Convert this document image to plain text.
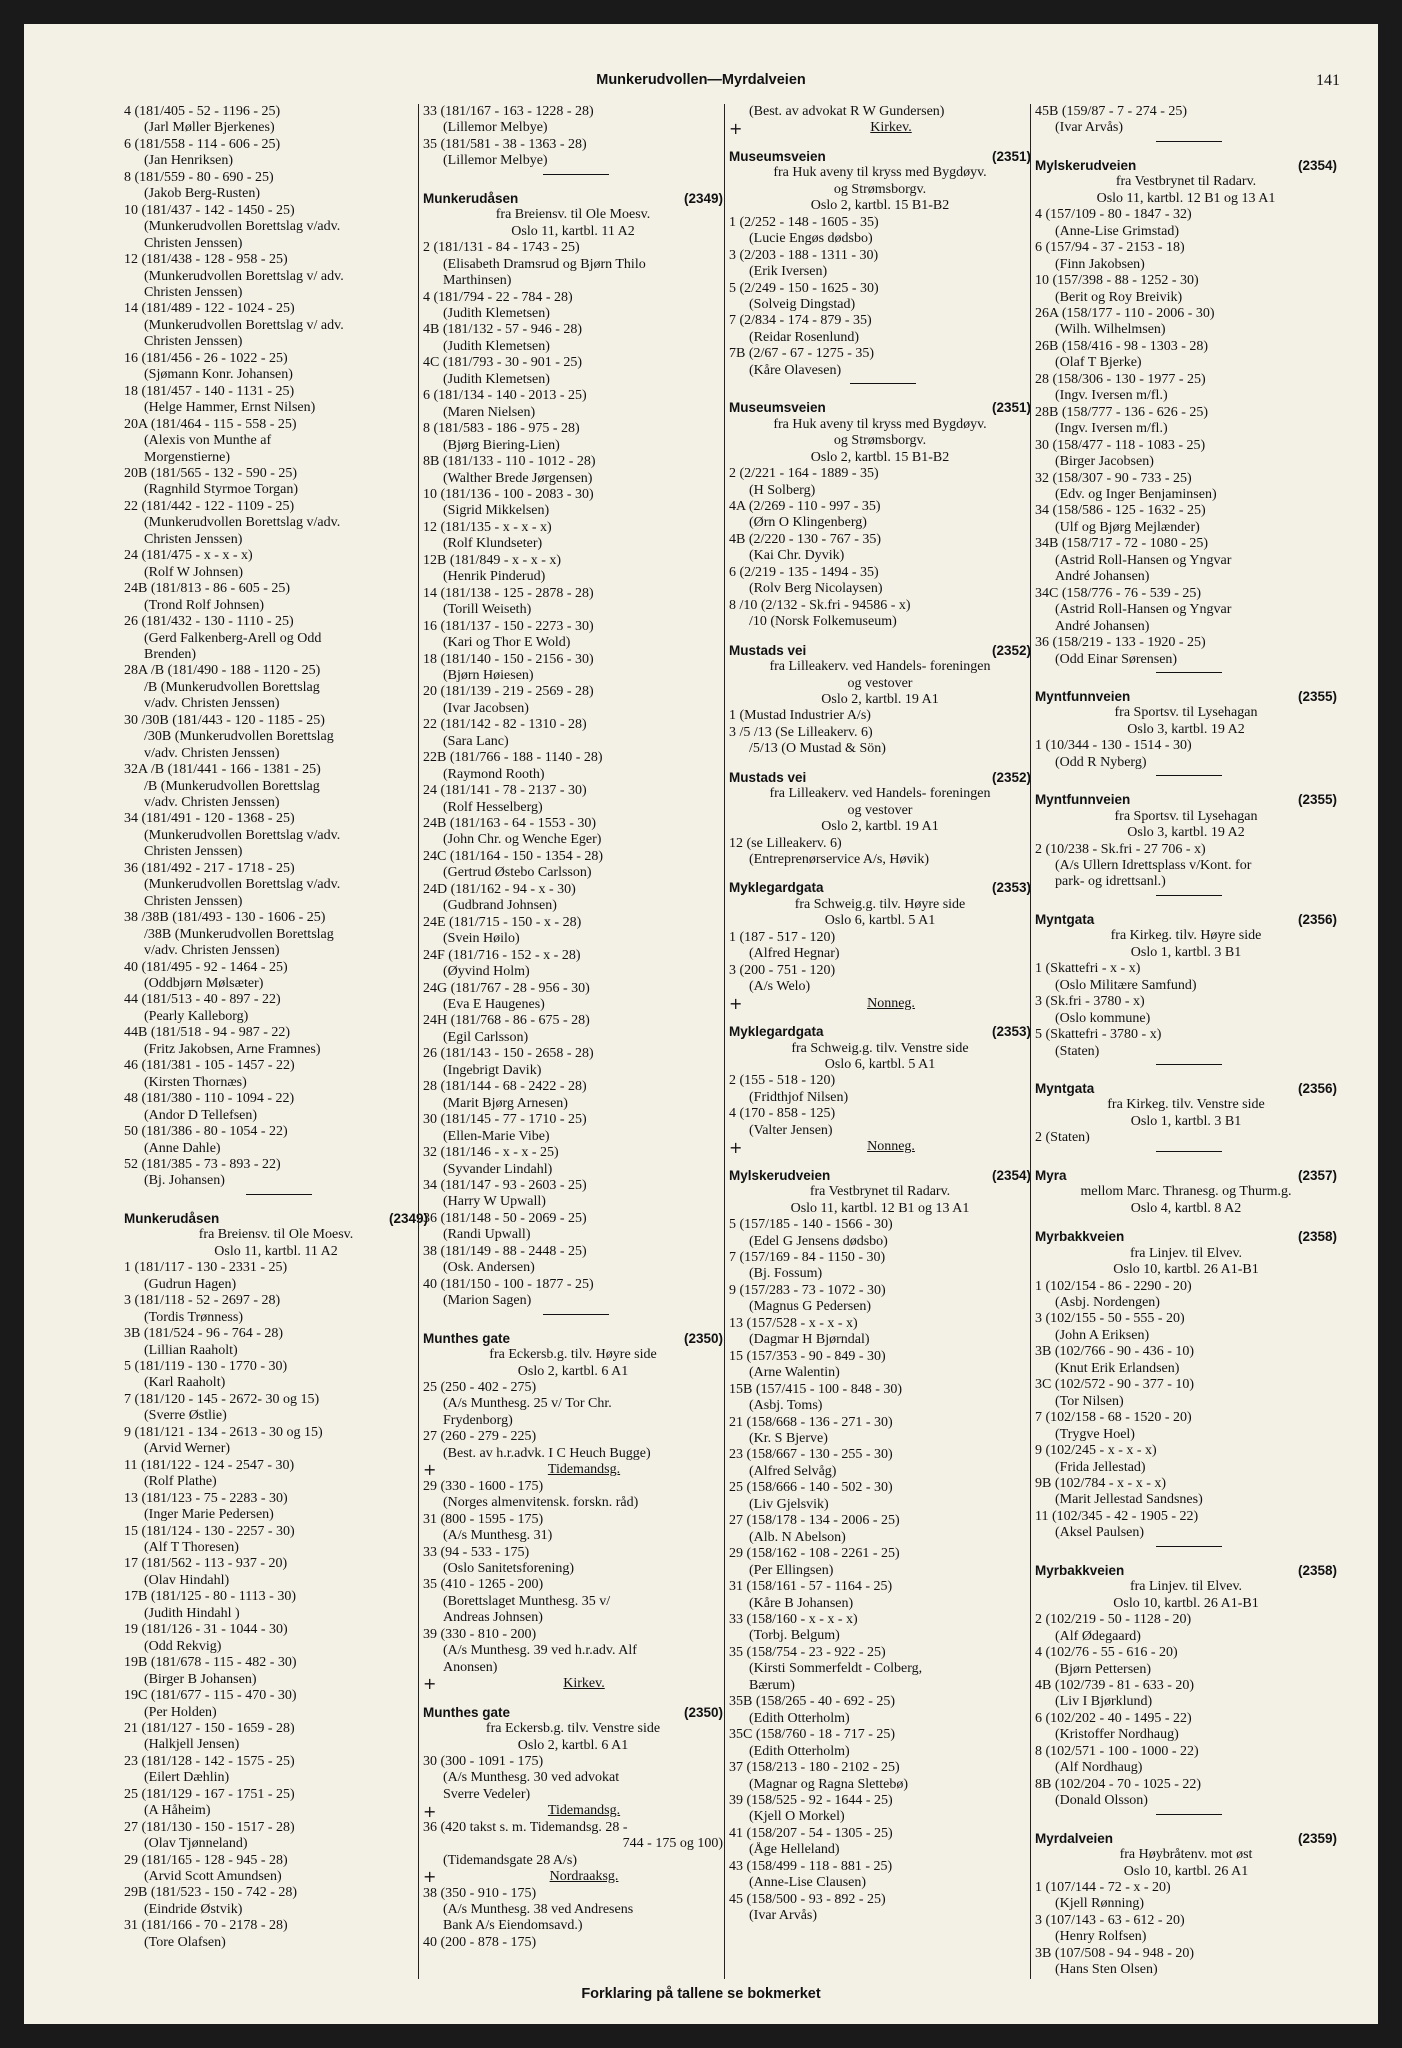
Munkerudvollen—Myrdalveien	141
4 (181/405 - 52 - 1196 - 25)
(Jarl Møller Bjerkenes)
6 (181/558 - 114 - 606 - 25)
(Jan Henriksen)
8 (181/559 - 80 - 690 - 25)
(Jakob Berg-Rusten)
10 (181/437 - 142 - 1450 - 25)
(Munkerudvollen Borettslag v/adv.
Christen Jenssen)
12 (181/438 - 128 - 958 - 25)
(Munkerudvollen Borettslag v/ adv.
Christen Jenssen)
14 (181/489 - 122 - 1024 - 25)
(Munkerudvollen Borettslag v/ adv.
Christen Jenssen)
16 (181/456 - 26 - 1022 - 25)
(Sjømann Konr. Johansen)
18 (181/457 - 140 - 1131 - 25)
(Helge Hammer, Ernst Nilsen)
20A (181/464 - 115 - 558 - 25)
(Alexis von Munthe af
Morgenstierne)
20B (181/565 - 132 - 590 - 25)
(Ragnhild Styrmoe Torgan)
22 (181/442 - 122 - 1109 - 25)
(Munkerudvollen Borettslag v/adv.
Christen Jenssen)
24 (181/475 - x - x - x)
(Rolf W Johnsen)
24B (181/813 - 86 - 605 - 25)
(Trond Rolf Johnsen)
26 (181/432 - 130 - 1110 - 25)
(Gerd Falkenberg-Arell og Odd
Brenden)
28A /B (181/490 - 188 - 1120 - 25)
/B (Munkerudvollen Borettslag
v/adv. Christen Jenssen)
30 /30B (181/443 - 120 - 1185 - 25)
/30B (Munkerudvollen Borettslag
v/adv. Christen Jenssen)
32A /B (181/441 - 166 - 1381 - 25)
/B (Munkerudvollen Borettslag
v/adv. Christen Jenssen)
34 (181/491 - 120 - 1368 - 25)
(Munkerudvollen Borettslag v/adv.
Christen Jenssen)
36 (181/492 - 217 - 1718 - 25)
(Munkerudvollen Borettslag v/adv.
Christen Jenssen)
38 /38B (181/493 - 130 - 1606 - 25)
/38B (Munkerudvollen Borettslag
v/adv. Christen Jenssen)
40 (181/495 - 92 - 1464 - 25)
(Oddbjørn Mølsæter)
44 (181/513 - 40 - 897 - 22)
(Pearly Kalleborg)
44B (181/518 - 94 - 987 - 22)
(Fritz Jakobsen, Arne Framnes)
46 (181/381 - 105 - 1457 - 22)
(Kirsten Thornæs)
48 (181/380 - 110 - 1094 - 22)
(Andor D Tellefsen)
50 (181/386 - 80 - 1054 - 22)
(Anne Dahle)
52 (181/385 - 73 - 893 - 22)
(Bj. Johansen)
Munkerudåsen	(2349)
fra Breiensv. til Ole Moesv.
Oslo 11, kartbl. 11 A2
1 (181/117 - 130 - 2331 - 25)
(Gudrun Hagen)
3 (181/118 - 52 - 2697 - 28)
(Tordis Trønness)
3B (181/524 - 96 - 764 - 28)
(Lillian Raaholt)
5 (181/119 - 130 - 1770 - 30)
(Karl Raaholt)
7 (181/120 - 145 - 2672- 30 og 15)
(Sverre Østlie)
9 (181/121 - 134 - 2613 - 30 og 15)
(Arvid Werner)
11 (181/122 - 124 - 2547 - 30)
(Rolf Plathe)
13 (181/123 - 75 - 2283 - 30)
(Inger Marie Pedersen)
15 (181/124 - 130 - 2257 - 30)
(Alf T Thoresen)
17 (181/562 - 113 - 937 - 20)
(Olav Hindahl)
17B (181/125 - 80 - 1113 - 30)
(Judith Hindahl )
19 (181/126 - 31 - 1044 - 30)
(Odd Rekvig)
19B (181/678 - 115 - 482 - 30)
(Birger B Johansen)
19C (181/677 - 115 - 470 - 30)
(Per Holden)
21 (181/127 - 150 - 1659 - 28)
(Halkjell Jensen)
23 (181/128 - 142 - 1575 - 25)
(Eilert Dæhlin)
25 (181/129 - 167 - 1751 - 25)
(A Håheim)
27 (181/130 - 150 - 1517 - 28)
(Olav Tjønneland)
29 (181/165 - 128 - 945 - 28)
(Arvid Scott Amundsen)
29B (181/523 - 150 - 742 - 28)
(Eindride Østvik)
31 (181/166 - 70 - 2178 - 28)
(Tore Olafsen)
33 (181/167 - 163 - 1228 - 28)
(Lillemor Melbye)
35 (181/581 - 38 - 1363 - 28)
(Lillemor Melbye)
Munkerudåsen	(2349)
fra Breiensv. til Ole Moesv.
Oslo 11, kartbl. 11 A2
2 (181/131 - 84 - 1743 - 25)
(Elisabeth Dramsrud og Bjørn Thilo
Marthinsen)
4 (181/794 - 22 - 784 - 28)
(Judith Klemetsen)
4B (181/132 - 57 - 946 - 28)
(Judith Klemetsen)
4C (181/793 - 30 - 901 - 25)
(Judith Klemetsen)
6 (181/134 - 140 - 2013 - 25)
(Maren Nielsen)
8 (181/583 - 186 - 975 - 28)
(Bjørg Biering-Lien)
8B (181/133 - 110 - 1012 - 28)
(Walther Brede Jørgensen)
10 (181/136 - 100 - 2083 - 30)
(Sigrid Mikkelsen)
12 (181/135 - x - x - x)
(Rolf Klundseter)
12B (181/849 - x - x - x)
(Henrik Pinderud)
14 (181/138 - 125 - 2878 - 28)
(Torill Weiseth)
16 (181/137 - 150 - 2273 - 30)
(Kari og Thor E Wold)
18 (181/140 - 150 - 2156 - 30)
(Bjørn Høiesen)
20 (181/139 - 219 - 2569 - 28)
(Ivar Jacobsen)
22 (181/142 - 82 - 1310 - 28)
(Sara Lanc)
22B (181/766 - 188 - 1140 - 28)
(Raymond Rooth)
24 (181/141 - 78 - 2137 - 30)
(Rolf Hesselberg)
24B (181/163 - 64 - 1553 - 30)
(John Chr. og Wenche Eger)
24C (181/164 - 150 - 1354 - 28)
(Gertrud Østebo Carlsson)
24D (181/162 - 94 - x - 30)
(Gudbrand Johnsen)
24E (181/715 - 150 - x - 28)
(Svein Høilo)
24F (181/716 - 152 - x - 28)
(Øyvind Holm)
24G (181/767 - 28 - 956 - 30)
(Eva E Haugenes)
24H (181/768 - 86 - 675 - 28)
(Egil Carlsson)
26 (181/143 - 150 - 2658 - 28)
(Ingebrigt Davik)
28 (181/144 - 68 - 2422 - 28)
(Marit Bjørg Arnesen)
30 (181/145 - 77 - 1710 - 25)
(Ellen-Marie Vibe)
32 (181/146 - x - x - 25)
(Syvander Lindahl)
34 (181/147 - 93 - 2603 - 25)
(Harry W Upwall)
36 (181/148 - 50 - 2069 - 25)
(Randi Upwall)
38 (181/149 - 88 - 2448 - 25)
(Osk. Andersen)
40 (181/150 - 100 - 1877 - 25)
(Marion Sagen)
Munthes gate	(2350)
fra Eckersb.g. tilv. Høyre side
Oslo 2, kartbl. 6 A1
25 (250 - 402 - 275)
(A/s Munthesg. 25 v/ Tor Chr.
Frydenborg)
27 (260 - 279 - 225)
(Best. av h.r.advk. I C Heuch Bugge)
+	Tidemandsg.
29 (330 - 1600 - 175)
(Norges almenvitensk. forskn. råd)
31 (800 - 1595 - 175)
(A/s Munthesg. 31)
33 (94 - 533 - 175)
(Oslo Sanitetsforening)
35 (410 - 1265 - 200)
(Borettslaget Munthesg. 35 v/
Andreas Johnsen)
39 (330 - 810 - 200)
(A/s Munthesg. 39 ved h.r.adv. Alf
Anonsen)
+	Kirkev.
Munthes gate	(2350)
fra Eckersb.g. tilv. Venstre side
Oslo 2, kartbl. 6 A1
30 (300 - 1091 - 175)
(A/s Munthesg. 30 ved advokat
Sverre Vedeler)
+	Tidemandsg.
36 (420 takst s. m. Tidemandsg. 28 -
744 - 175 og 100)
(Tidemandsgate 28 A/s)
+	Nordraaksg.
38 (350 - 910 - 175)
(A/s Munthesg. 38 ved Andresens
Bank A/s Eiendomsavd.)
40 (200 - 878 - 175)
(Best. av advokat R W Gundersen)
+	Kirkev.
Museumsveien	(2351)
fra Huk aveny til kryss med Bygdøyv.
og Strømsborgv.
Oslo 2, kartbl. 15 B1-B2
1 (2/252 - 148 - 1605 - 35)
(Lucie Engøs dødsbo)
3 (2/203 - 188 - 1311 - 30)
(Erik Iversen)
5 (2/249 - 150 - 1625 - 30)
(Solveig Dingstad)
7 (2/834 - 174 - 879 - 35)
(Reidar Rosenlund)
7B (2/67 - 67 - 1275 - 35)
(Kåre Olavesen)
Museumsveien	(2351)
fra Huk aveny til kryss med Bygdøyv.
og Strømsborgv.
Oslo 2, kartbl. 15 B1-B2
2 (2/221 - 164 - 1889 - 35)
(H Solberg)
4A (2/269 - 110 - 997 - 35)
(Ørn O Klingenberg)
4B (2/220 - 130 - 767 - 35)
(Kai Chr. Dyvik)
6 (2/219 - 135 - 1494 - 35)
(Rolv Berg Nicolaysen)
8 /10 (2/132 - Sk.fri - 94586 - x)
/10 (Norsk Folkemuseum)
Mustads vei	(2352)
fra Lilleakerv. ved Handels- foreningen
og vestover
Oslo 2, kartbl. 19 A1
1 (Mustad Industrier A/s)
3 /5 /13 (Se Lilleakerv. 6)
/5/13 (O Mustad & Sön)
Mustads vei	(2352)
fra Lilleakerv. ved Handels- foreningen
og vestover
Oslo 2, kartbl. 19 A1
12 (se Lilleakerv. 6)
(Entreprenørservice A/s, Høvik)
Myklegardgata	(2353)
fra Schweig.g. tilv. Høyre side
Oslo 6, kartbl. 5 A1
1 (187 - 517 - 120)
(Alfred Hegnar)
3 (200 - 751 - 120)
(A/s Welo)
+	Nonneg.
Myklegardgata	(2353)
fra Schweig.g. tilv. Venstre side
Oslo 6, kartbl. 5 A1
2 (155 - 518 - 120)
(Fridthjof Nilsen)
4 (170 - 858 - 125)
(Valter Jensen)
+	Nonneg.
Mylskerudveien	(2354)
fra Vestbrynet til Radarv.
Oslo 11, kartbl. 12 B1 og 13 A1
5 (157/185 - 140 - 1566 - 30)
(Edel G Jensens dødsbo)
7 (157/169 - 84 - 1150 - 30)
(Bj. Fossum)
9 (157/283 - 73 - 1072 - 30)
(Magnus G Pedersen)
13 (157/528 - x - x - x)
(Dagmar H Bjørndal)
15 (157/353 - 90 - 849 - 30)
(Arne Walentin)
15B (157/415 - 100 - 848 - 30)
(Asbj. Toms)
21 (158/668 - 136 - 271 - 30)
(Kr. S Bjerve)
23 (158/667 - 130 - 255 - 30)
(Alfred Selvåg)
25 (158/666 - 140 - 502 - 30)
(Liv Gjelsvik)
27 (158/178 - 134 - 2006 - 25)
(Alb. N Abelson)
29 (158/162 - 108 - 2261 - 25)
(Per Ellingsen)
31 (158/161 - 57 - 1164 - 25)
(Kåre B Johansen)
33 (158/160 - x - x - x)
(Torbj. Belgum)
35 (158/754 - 23 - 922 - 25)
(Kirsti Sommerfeldt - Colberg,
Bærum)
35B (158/265 - 40 - 692 - 25)
(Edith Otterholm)
35C (158/760 - 18 - 717 - 25)
(Edith Otterholm)
37 (158/213 - 180 - 2102 - 25)
(Magnar og Ragna Slettebø)
39 (158/525 - 92 - 1644 - 25)
(Kjell O Morkel)
41 (158/207 - 54 - 1305 - 25)
(Åge Helleland)
43 (158/499 - 118 - 881 - 25)
(Anne-Lise Clausen)
45 (158/500 - 93 - 892 - 25)
(Ivar Arvås)
45B (159/87 - 7 - 274 - 25)
(Ivar Arvås)
Mylskerudveien	(2354)
fra Vestbrynet til Radarv.
Oslo 11, kartbl. 12 B1 og 13 A1
4 (157/109 - 80 - 1847 - 32)
(Anne-Lise Grimstad)
6 (157/94 - 37 - 2153 - 18)
(Finn Jakobsen)
10 (157/398 - 88 - 1252 - 30)
(Berit og Roy Breivik)
26A (158/177 - 110 - 2006 - 30)
(Wilh. Wilhelmsen)
26B (158/416 - 98 - 1303 - 28)
(Olaf T Bjerke)
28 (158/306 - 130 - 1977 - 25)
(Ingv. Iversen m/fl.)
28B (158/777 - 136 - 626 - 25)
(Ingv. Iversen m/fl.)
30 (158/477 - 118 - 1083 - 25)
(Birger Jacobsen)
32 (158/307 - 90 - 733 - 25)
(Edv. og Inger Benjaminsen)
34 (158/586 - 125 - 1632 - 25)
(Ulf og Bjørg Mejlænder)
34B (158/717 - 72 - 1080 - 25)
(Astrid Roll-Hansen og Yngvar
André Johansen)
34C (158/776 - 76 - 539 - 25)
(Astrid Roll-Hansen og Yngvar
André Johansen)
36 (158/219 - 133 - 1920 - 25)
(Odd Einar Sørensen)
Myntfunnveien	(2355)
fra Sportsv. til Lysehagan
Oslo 3, kartbl. 19 A2
1 (10/344 - 130 - 1514 - 30)
(Odd R Nyberg)
Myntfunnveien	(2355)
fra Sportsv. til Lysehagan
Oslo 3, kartbl. 19 A2
2 (10/238 - Sk.fri - 27 706 - x)
(A/s Ullern Idrettsplass v/Kont. for
park- og idrettsanl.)
Myntgata	(2356)
fra Kirkeg. tilv. Høyre side
Oslo 1, kartbl. 3 B1
1 (Skattefri - x - x)
(Oslo Militære Samfund)
3 (Sk.fri - 3780 - x)
(Oslo kommune)
5 (Skattefri - 3780 - x)
(Staten)
Myntgata	(2356)
fra Kirkeg. tilv. Venstre side
Oslo 1, kartbl. 3 B1
2 (Staten)
Myra	(2357)
mellom Marc. Thranesg. og Thurm.g.
Oslo 4, kartbl. 8 A2
Myrbakkveien	(2358)
fra Linjev. til Elvev.
Oslo 10, kartbl. 26 A1-B1
1 (102/154 - 86 - 2290 - 20)
(Asbj. Nordengen)
3 (102/155 - 50 - 555 - 20)
(John A Eriksen)
3B (102/766 - 90 - 436 - 10)
(Knut Erik Erlandsen)
3C (102/572 - 90 - 377 - 10)
(Tor Nilsen)
7 (102/158 - 68 - 1520 - 20)
(Trygve Hoel)
9 (102/245 - x - x - x)
(Frida Jellestad)
9B (102/784 - x - x - x)
(Marit Jellestad Sandsnes)
11 (102/345 - 42 - 1905 - 22)
(Aksel Paulsen)
Myrbakkveien	(2358)
fra Linjev. til Elvev.
Oslo 10, kartbl. 26 A1-B1
2 (102/219 - 50 - 1128 - 20)
(Alf Ødegaard)
4 (102/76 - 55 - 616 - 20)
(Bjørn Pettersen)
4B (102/739 - 81 - 633 - 20)
(Liv I Bjørklund)
6 (102/202 - 40 - 1495 - 22)
(Kristoffer Nordhaug)
8 (102/571 - 100 - 1000 - 22)
(Alf Nordhaug)
8B (102/204 - 70 - 1025 - 22)
(Donald Olsson)
Myrdalveien	(2359)
fra Høybråtenv. mot øst
Oslo 10, kartbl. 26 A1
1 (107/144 - 72 - x - 20)
(Kjell Rønning)
3 (107/143 - 63 - 612 - 20)
(Henry Rolfsen)
3B (107/508 - 94 - 948 - 20)
(Hans Sten Olsen)
Forklaring på tallene se bokmerket
